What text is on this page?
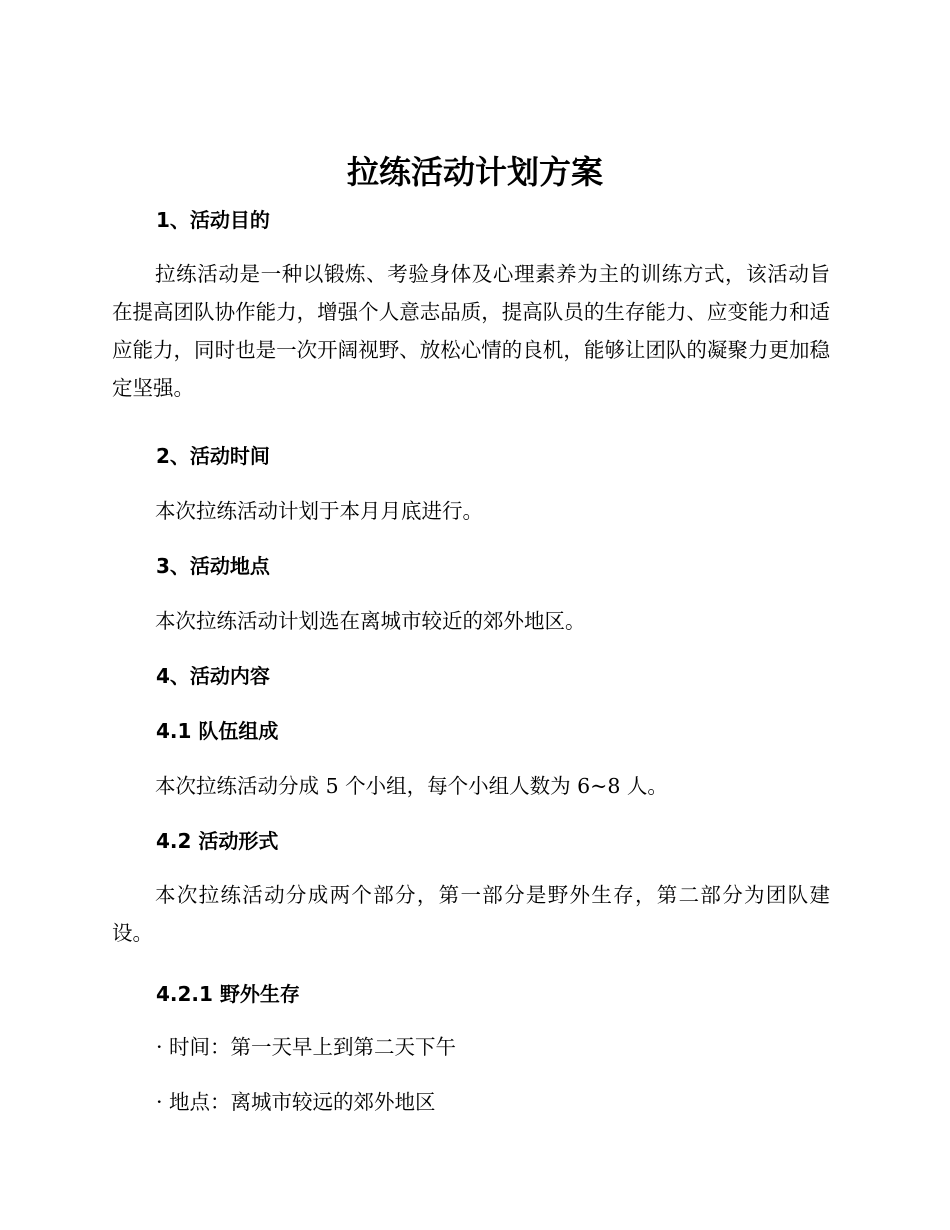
拉练活动计划方案
1、活动目的

拉练活动是一种以锻炼、考验身体及心理素养为主的训练方式，该活动旨在提高团队协作能力，增强个人意志品质，提高队员的生存能力、应变能力和适应能力，同时也是一次开阔视野、放松心情的良机，能够让团队的凝聚力更加稳定坚强。

2、活动时间

本次拉练活动计划于本月月底进行。

3、活动地点

本次拉练活动计划选在离城市较近的郊外地区。

4、活动内容
4.1 队伍组成

本次拉练活动分成 5 个小组，每个小组人数为 6~8 人。

4.2 活动形式

本次拉练活动分成两个部分，第一部分是野外生存，第二部分为团队建设。

4.2.1 野外生存

· 时间：第一天早上到第二天下午

· 地点：离城市较远的郊外地区
